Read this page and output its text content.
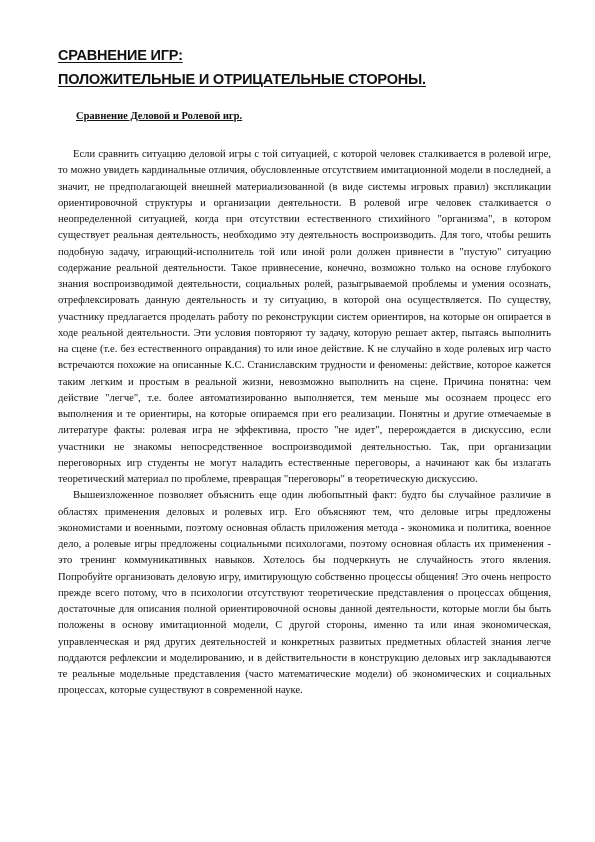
СРАВНЕНИЕ ИГР:
ПОЛОЖИТЕЛЬНЫЕ И ОТРИЦАТЕЛЬНЫЕ СТОРОНЫ.
Сравнение Деловой и Ролевой игр.

Если сравнить ситуацию деловой игры с той ситуацией, с которой человек сталкивается в ролевой игре, то можно увидеть кардинальные отличия, обусловленные отсутствием имитационной модели в последней, а значит, не предполагающей внешней материализованной (в виде системы игровых правил) экспликации ориентировочной структуры и организации деятельности. В ролевой игре человек сталкивается о неопределенной ситуацией, когда при отсутствии естественного стихийного "организма", в котором существует реальная деятельность, необходимо эту деятельность воспроизводить. Для того, чтобы решить подобную задачу, играющий-исполнитель той или иной роли должен привнести в "пустую" ситуацию содержание реальной деятельности. Такое привнесение, конечно, возможно только на основе глубокого знания воспроизводимой деятельности, социальных ролей, разыгрываемой проблемы и умения осознать, отрефлексировать данную деятельность и ту ситуацию, в которой она осуществляется. По существу, участнику предлагается проделать работу по реконструкции систем ориентиров, на которые он опирается в ходе реальной деятельности. Эти условия повторяют ту задачу, которую решает актер, пытаясь выполнить на сцене (т.е. без естественного оправдания) то или иное действие. К не случайно в ходе ролевых игр часто встречаются похожие на описанные К.С. Станиславским трудности и феномены: действие, которое кажется таким легким и простым в реальной жизни, невозможно выполнить на сцене. Причина понятна: чем действие "легче", т.е. более автоматизированно выполняется, тем меньше мы осознаем процесс его выполнения и те ориентиры, на которые опираемся при его реализации. Понятны и другие отмечаемые в литературе факты: ролевая игра не эффективна, просто "не идет", перерождается в дискуссию, если участники не знакомы непосредственное воспроизводимой деятельностью. Так, при организации переговорных игр студенты не могут наладить естественные переговоры, а начинают как бы излагать теоретический материал по проблеме, превращая "переговоры" в теоретическую дискуссию.

Вышеизложенное позволяет объяснить еще один любопытный факт: будто бы случайное различие в областях применения деловых и ролевых игр. Его объясняют тем, что деловые игры предложены экономистами и военными, поэтому основная область приложения метода - экономика и политика, военное дело, а ролевые игры предложены социальными психологами, поэтому основная область их применения - это тренинг коммуникативных навыков. Хотелось бы подчеркнуть не случайность этого явления. Попробуйте организовать деловую игру, имитирующую собственно процессы общения! Это очень непросто прежде всего потому, что в психологии отсутствуют теоретические представления о процессах общения, достаточные для описания полной ориентировочной основы данной деятельности, которые могли бы быть положены в основу имитационной модели, С другой стороны, именно та или иная экономическая, управленческая и ряд других деятельностей и конкретных развитых предметных областей знания легче поддаются рефлексии и моделированию, и в действительности в конструкцию деловых игр закладываются те реальные модельные представления (часто математические модели) об экономических и социальных процессах, которые существуют в современной науке.
